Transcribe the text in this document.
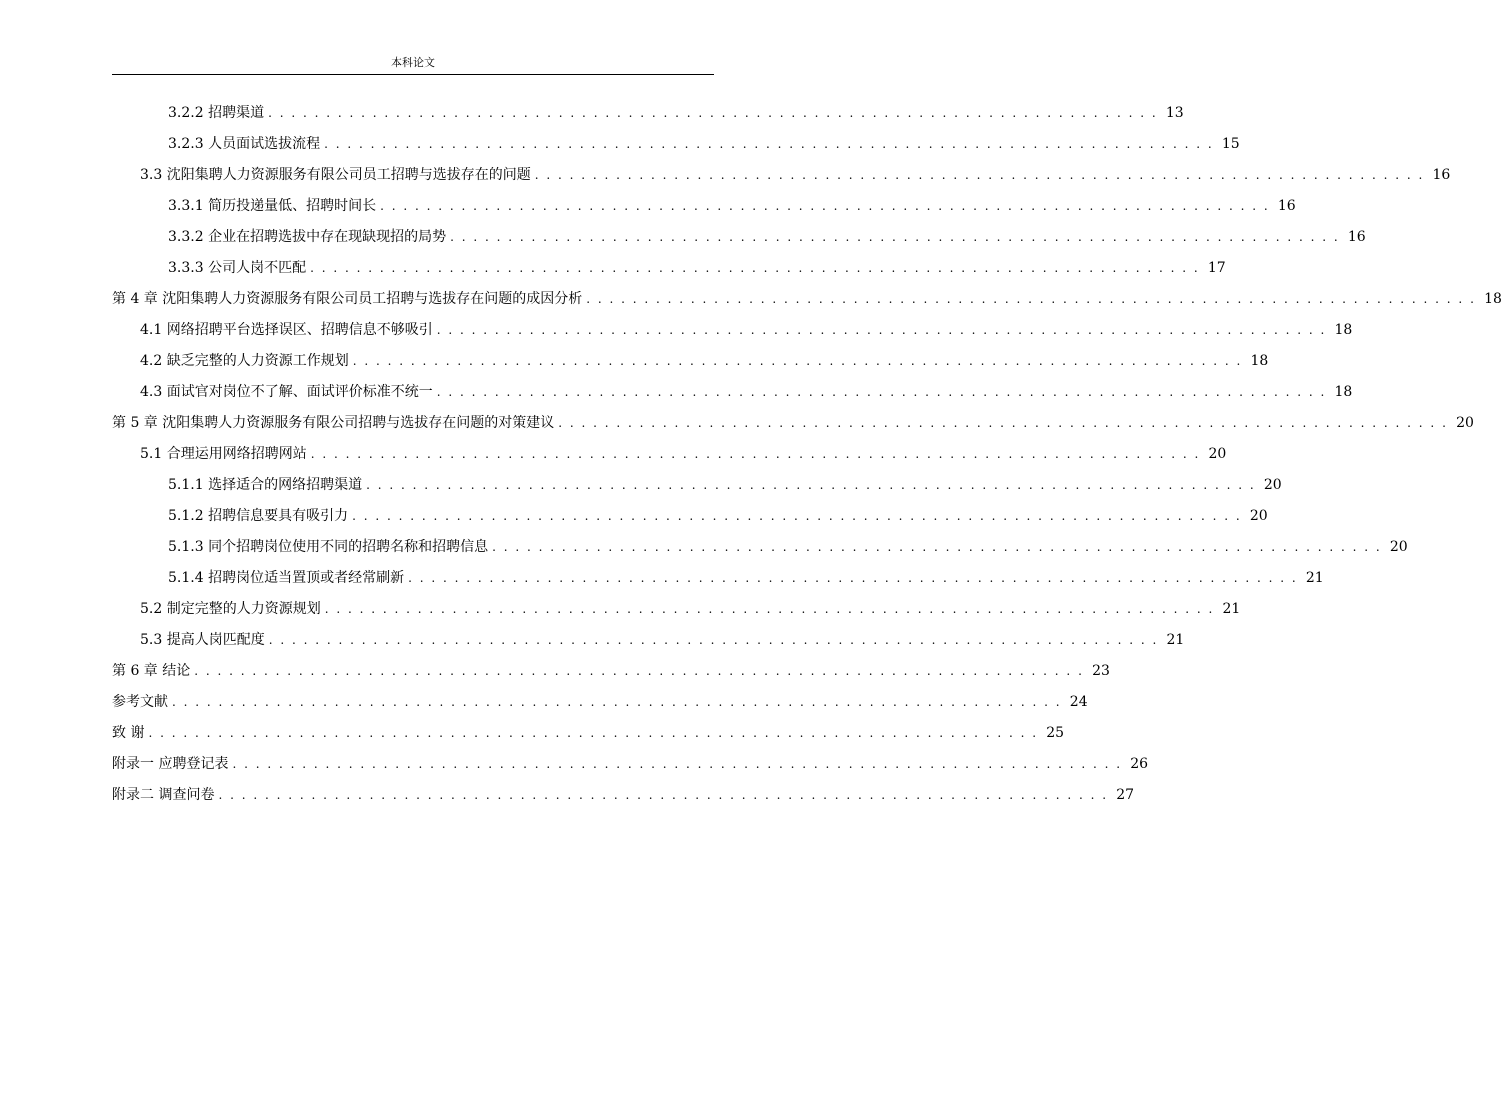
本科论文
3.2.2 招聘渠道 . . . . . . . . . . . . . . . . . . . . . . . . . . . . . . . . . . . . . . . . . . . . . . . . . . . . . . . . . . . . . . . . . . . . . . . . . . . . . 13
3.2.3 人员面试选拔流程 . . . . . . . . . . . . . . . . . . . . . . . . . . . . . . . . . . . . . . . . . . . . . . . . . . . . . . . . . . . . . . . . . . . . . . . . . . . . . 15
3.3 沈阳集聘人力资源服务有限公司员工招聘与选拔存在的问题 . . . . . . . . . . . . . . . . . . . . . . . . . . . . . . . . . . . . . . . . . . . . . . . . . . . . . . . . . . . . . . . . . . . . . . . . . . . . . 16
3.3.1 简历投递量低、招聘时间长 . . . . . . . . . . . . . . . . . . . . . . . . . . . . . . . . . . . . . . . . . . . . . . . . . . . . . . . . . . . . . . . . . . . . . . . . . . . . . 16
3.3.2 企业在招聘选拔中存在现缺现招的局势 . . . . . . . . . . . . . . . . . . . . . . . . . . . . . . . . . . . . . . . . . . . . . . . . . . . . . . . . . . . . . . . . . . . . . . . . . . . . . 16
3.3.3 公司人岗不匹配 . . . . . . . . . . . . . . . . . . . . . . . . . . . . . . . . . . . . . . . . . . . . . . . . . . . . . . . . . . . . . . . . . . . . . . . . . . . . . 17
第 4 章 沈阳集聘人力资源服务有限公司员工招聘与选拔存在问题的成因分析 . . . . . . . . . . . . . . . . . . . . . . . . . . . . . . . . . . . . . . . . . . . . . . . . . . . . . . . . . . . . . . . . . . . . . . . . . . . . . 18
4.1 网络招聘平台选择误区、招聘信息不够吸引 . . . . . . . . . . . . . . . . . . . . . . . . . . . . . . . . . . . . . . . . . . . . . . . . . . . . . . . . . . . . . . . . . . . . . . . . . . . . . 18
4.2 缺乏完整的人力资源工作规划 . . . . . . . . . . . . . . . . . . . . . . . . . . . . . . . . . . . . . . . . . . . . . . . . . . . . . . . . . . . . . . . . . . . . . . . . . . . . . 18
4.3 面试官对岗位不了解、面试评价标准不统一 . . . . . . . . . . . . . . . . . . . . . . . . . . . . . . . . . . . . . . . . . . . . . . . . . . . . . . . . . . . . . . . . . . . . . . . . . . . . . 18
第 5 章 沈阳集聘人力资源服务有限公司招聘与选拔存在问题的对策建议 . . . . . . . . . . . . . . . . . . . . . . . . . . . . . . . . . . . . . . . . . . . . . . . . . . . . . . . . . . . . . . . . . . . . . . . . . . . . . 20
5.1 合理运用网络招聘网站 . . . . . . . . . . . . . . . . . . . . . . . . . . . . . . . . . . . . . . . . . . . . . . . . . . . . . . . . . . . . . . . . . . . . . . . . . . . . . 20
5.1.1 选择适合的网络招聘渠道 . . . . . . . . . . . . . . . . . . . . . . . . . . . . . . . . . . . . . . . . . . . . . . . . . . . . . . . . . . . . . . . . . . . . . . . . . . . . . 20
5.1.2 招聘信息要具有吸引力 . . . . . . . . . . . . . . . . . . . . . . . . . . . . . . . . . . . . . . . . . . . . . . . . . . . . . . . . . . . . . . . . . . . . . . . . . . . . . 20
5.1.3 同个招聘岗位使用不同的招聘名称和招聘信息 . . . . . . . . . . . . . . . . . . . . . . . . . . . . . . . . . . . . . . . . . . . . . . . . . . . . . . . . . . . . . . . . . . . . . . . . . . . . . 20
5.1.4 招聘岗位适当置顶或者经常刷新 . . . . . . . . . . . . . . . . . . . . . . . . . . . . . . . . . . . . . . . . . . . . . . . . . . . . . . . . . . . . . . . . . . . . . . . . . . . . . 21
5.2 制定完整的人力资源规划 . . . . . . . . . . . . . . . . . . . . . . . . . . . . . . . . . . . . . . . . . . . . . . . . . . . . . . . . . . . . . . . . . . . . . . . . . . . . . 21
5.3 提高人岗匹配度 . . . . . . . . . . . . . . . . . . . . . . . . . . . . . . . . . . . . . . . . . . . . . . . . . . . . . . . . . . . . . . . . . . . . . . . . . . . . . 21
第 6 章 结论 . . . . . . . . . . . . . . . . . . . . . . . . . . . . . . . . . . . . . . . . . . . . . . . . . . . . . . . . . . . . . . . . . . . . . . . . . . . . . 23
参考文献 . . . . . . . . . . . . . . . . . . . . . . . . . . . . . . . . . . . . . . . . . . . . . . . . . . . . . . . . . . . . . . . . . . . . . . . . . . . . . 24
致 谢 . . . . . . . . . . . . . . . . . . . . . . . . . . . . . . . . . . . . . . . . . . . . . . . . . . . . . . . . . . . . . . . . . . . . . . . . . . . . . 25
附录一 应聘登记表 . . . . . . . . . . . . . . . . . . . . . . . . . . . . . . . . . . . . . . . . . . . . . . . . . . . . . . . . . . . . . . . . . . . . . . . . . . . . . 26
附录二 调查问卷 . . . . . . . . . . . . . . . . . . . . . . . . . . . . . . . . . . . . . . . . . . . . . . . . . . . . . . . . . . . . . . . . . . . . . . . . . . . . . 27
